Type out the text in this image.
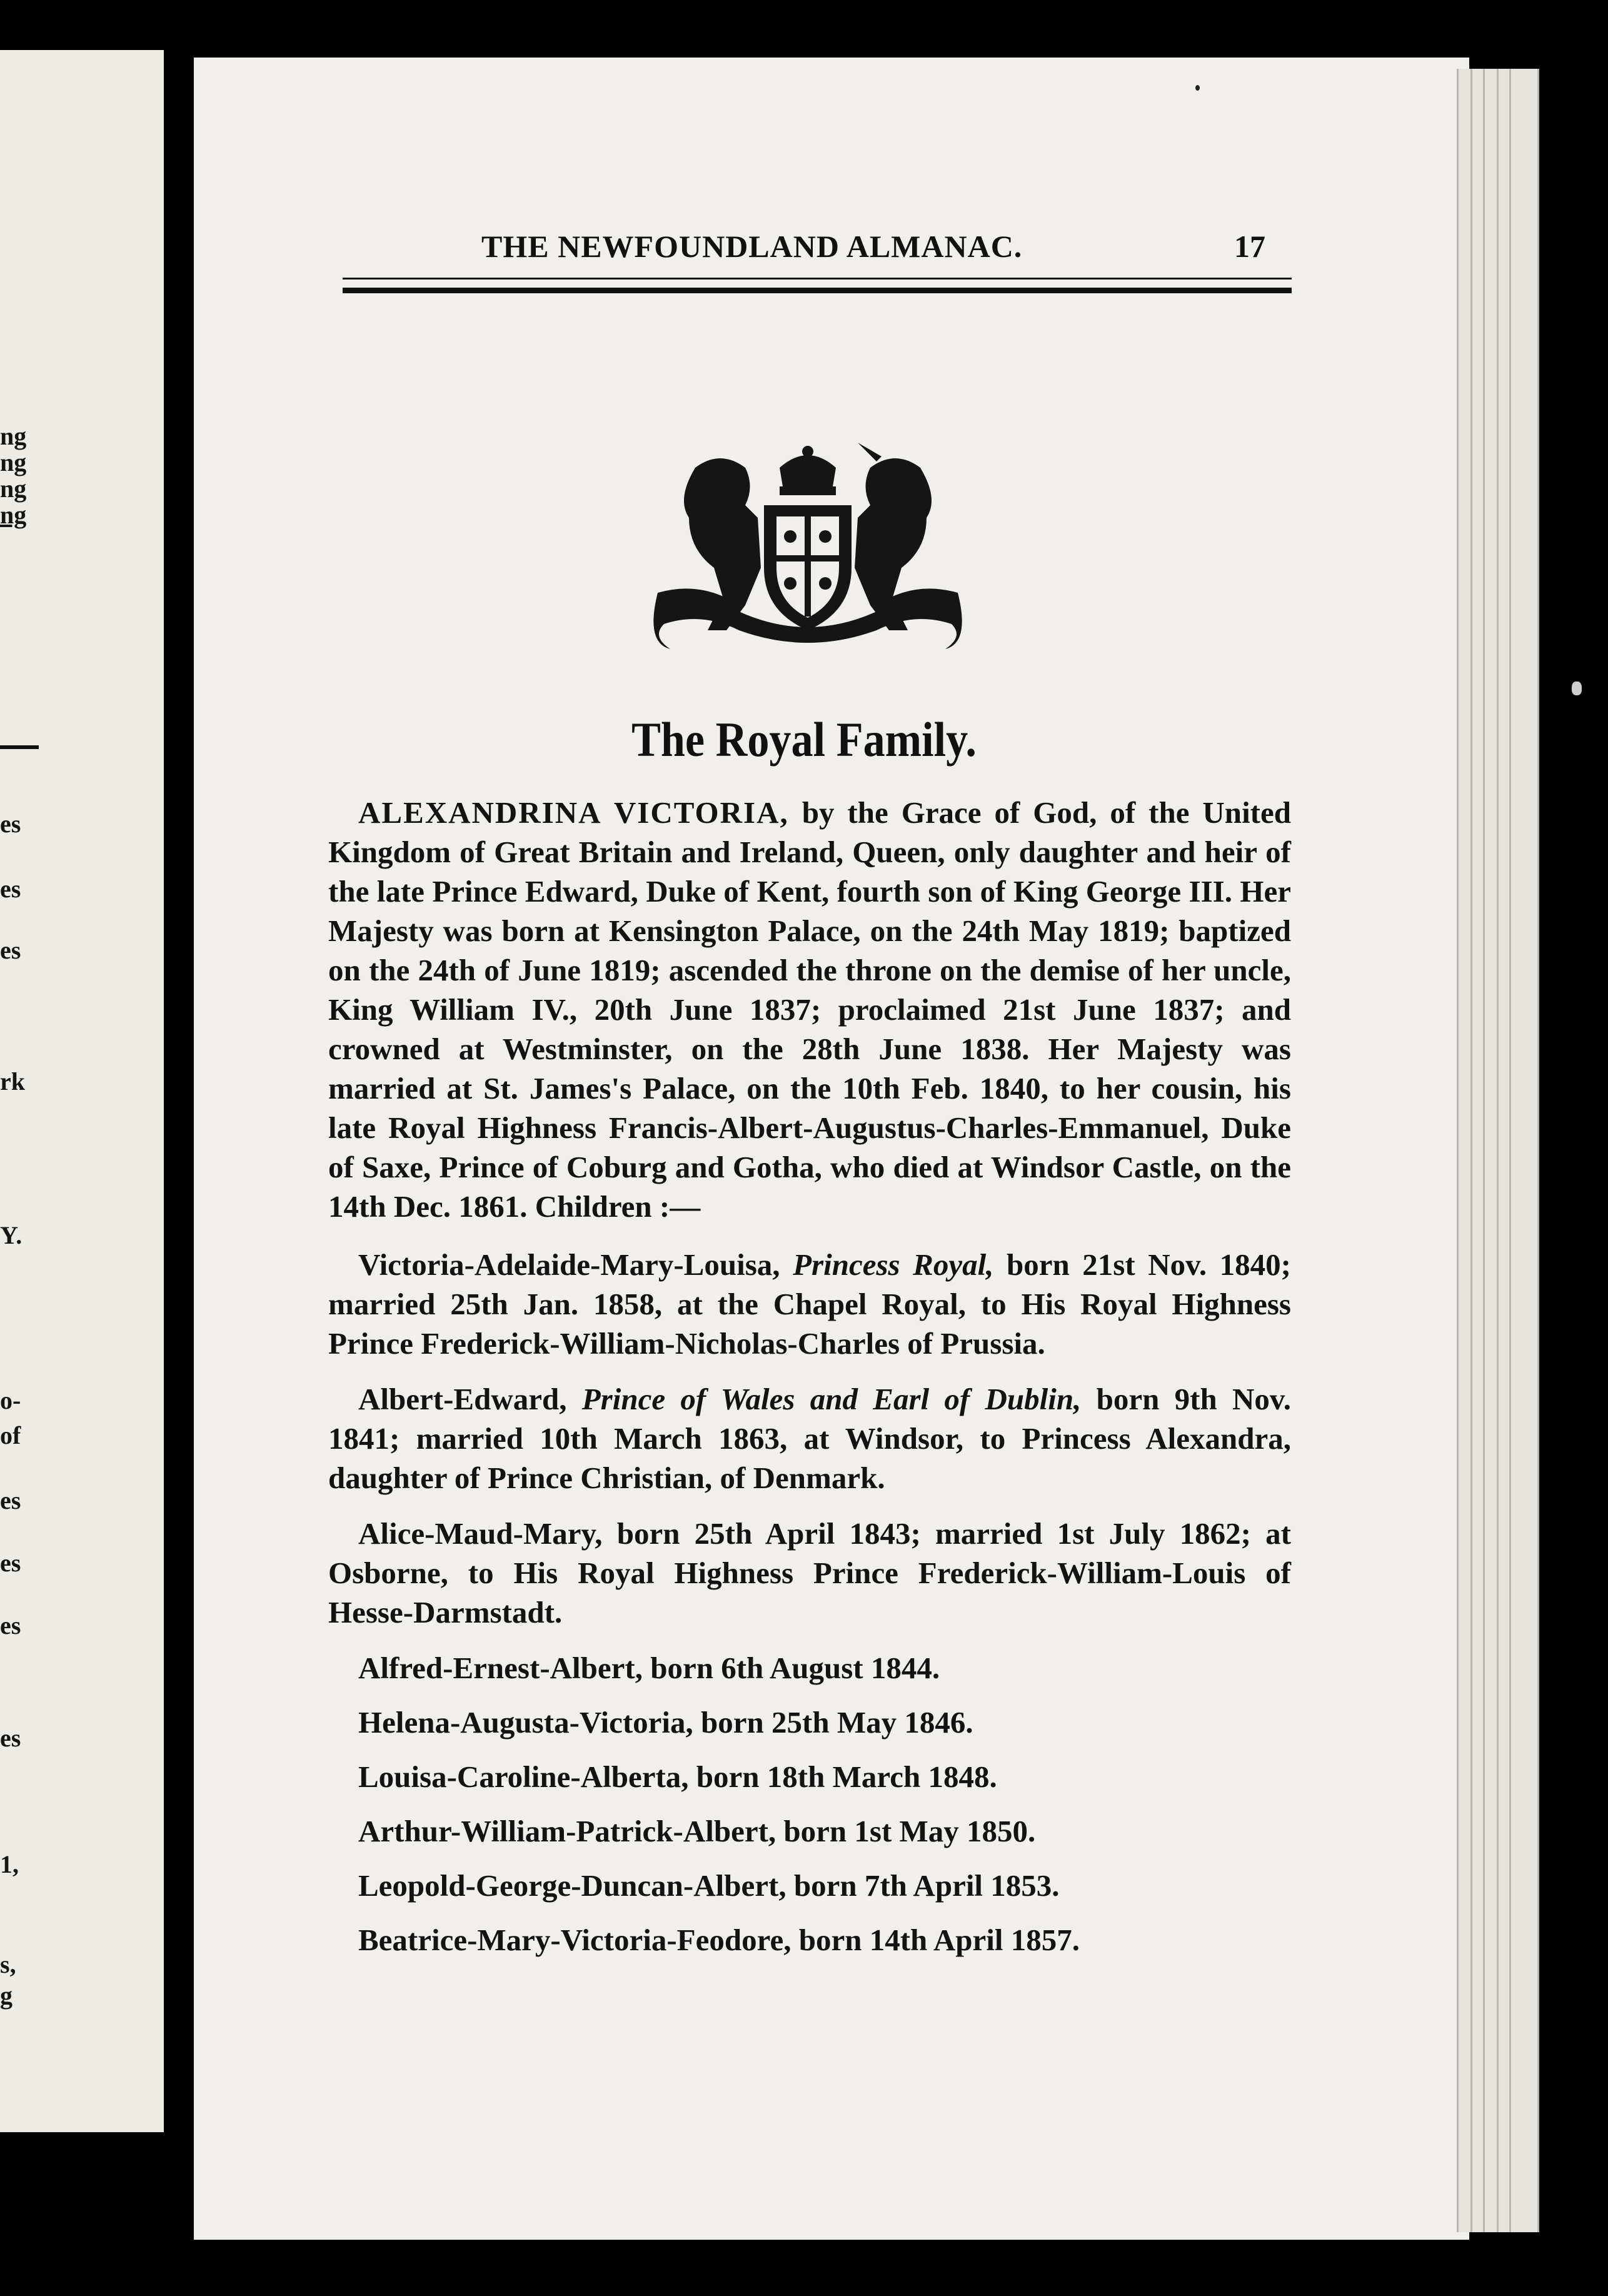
ng
ng
ng
ng
es
es
es
rk
Y.
o-
of
es
es
es
es
1,
s,
g
THE NEWFOUNDLAND ALMANAC.	17
The Royal Family.

ALEXANDRINA VICTORIA, by the Grace of God, of the United Kingdom of Great Britain and Ireland, Queen, only daughter and heir of the late Prince Edward, Duke of Kent, fourth son of King George III. Her Majesty was born at Kensington Palace, on the 24th May 1819; baptized on the 24th of June 1819; ascended the throne on the demise of her uncle, King William IV., 20th June 1837; proclaimed 21st June 1837; and crowned at Westminster, on the 28th June 1838. Her Majesty was married at St. James's Palace, on the 10th Feb. 1840, to her cousin, his late Royal Highness Francis-Albert-Augustus-Charles-Emmanuel, Duke of Saxe, Prince of Coburg and Gotha, who died at Windsor Castle, on the 14th Dec. 1861. Children :—

Victoria-Adelaide-Mary-Louisa, Princess Royal, born 21st Nov. 1840; married 25th Jan. 1858, at the Chapel Royal, to His Royal Highness Prince Frederick-William-Nicholas-Charles of Prussia.

Albert-Edward, Prince of Wales and Earl of Dublin, born 9th Nov. 1841; married 10th March 1863, at Windsor, to Princess Alexandra, daughter of Prince Christian, of Denmark.

Alice-Maud-Mary, born 25th April 1843; married 1st July 1862; at Osborne, to His Royal Highness Prince Frederick-William-Louis of Hesse-Darmstadt.

Alfred-Ernest-Albert, born 6th August 1844.

Helena-Augusta-Victoria, born 25th May 1846.

Louisa-Caroline-Alberta, born 18th March 1848.

Arthur-William-Patrick-Albert, born 1st May 1850.

Leopold-George-Duncan-Albert, born 7th April 1853.

Beatrice-Mary-Victoria-Feodore, born 14th April 1857.
